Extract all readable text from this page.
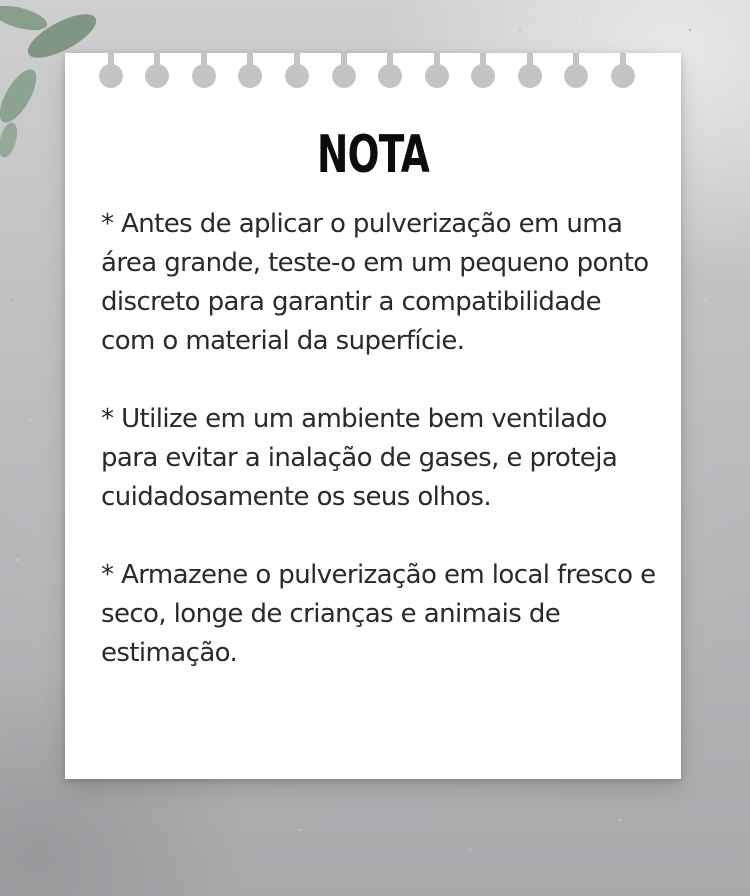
NOTA

* Antes de aplicar o pulverização em uma área grande, teste-o em um pequeno ponto discreto para garantir a compatibilidade com o material da superfície.

* Utilize em um ambiente bem ventilado para evitar a inalação de gases, e proteja cuidadosamente os seus olhos.

* Armazene o pulverização em local fresco e seco, longe de crianças e animais de estimação.
